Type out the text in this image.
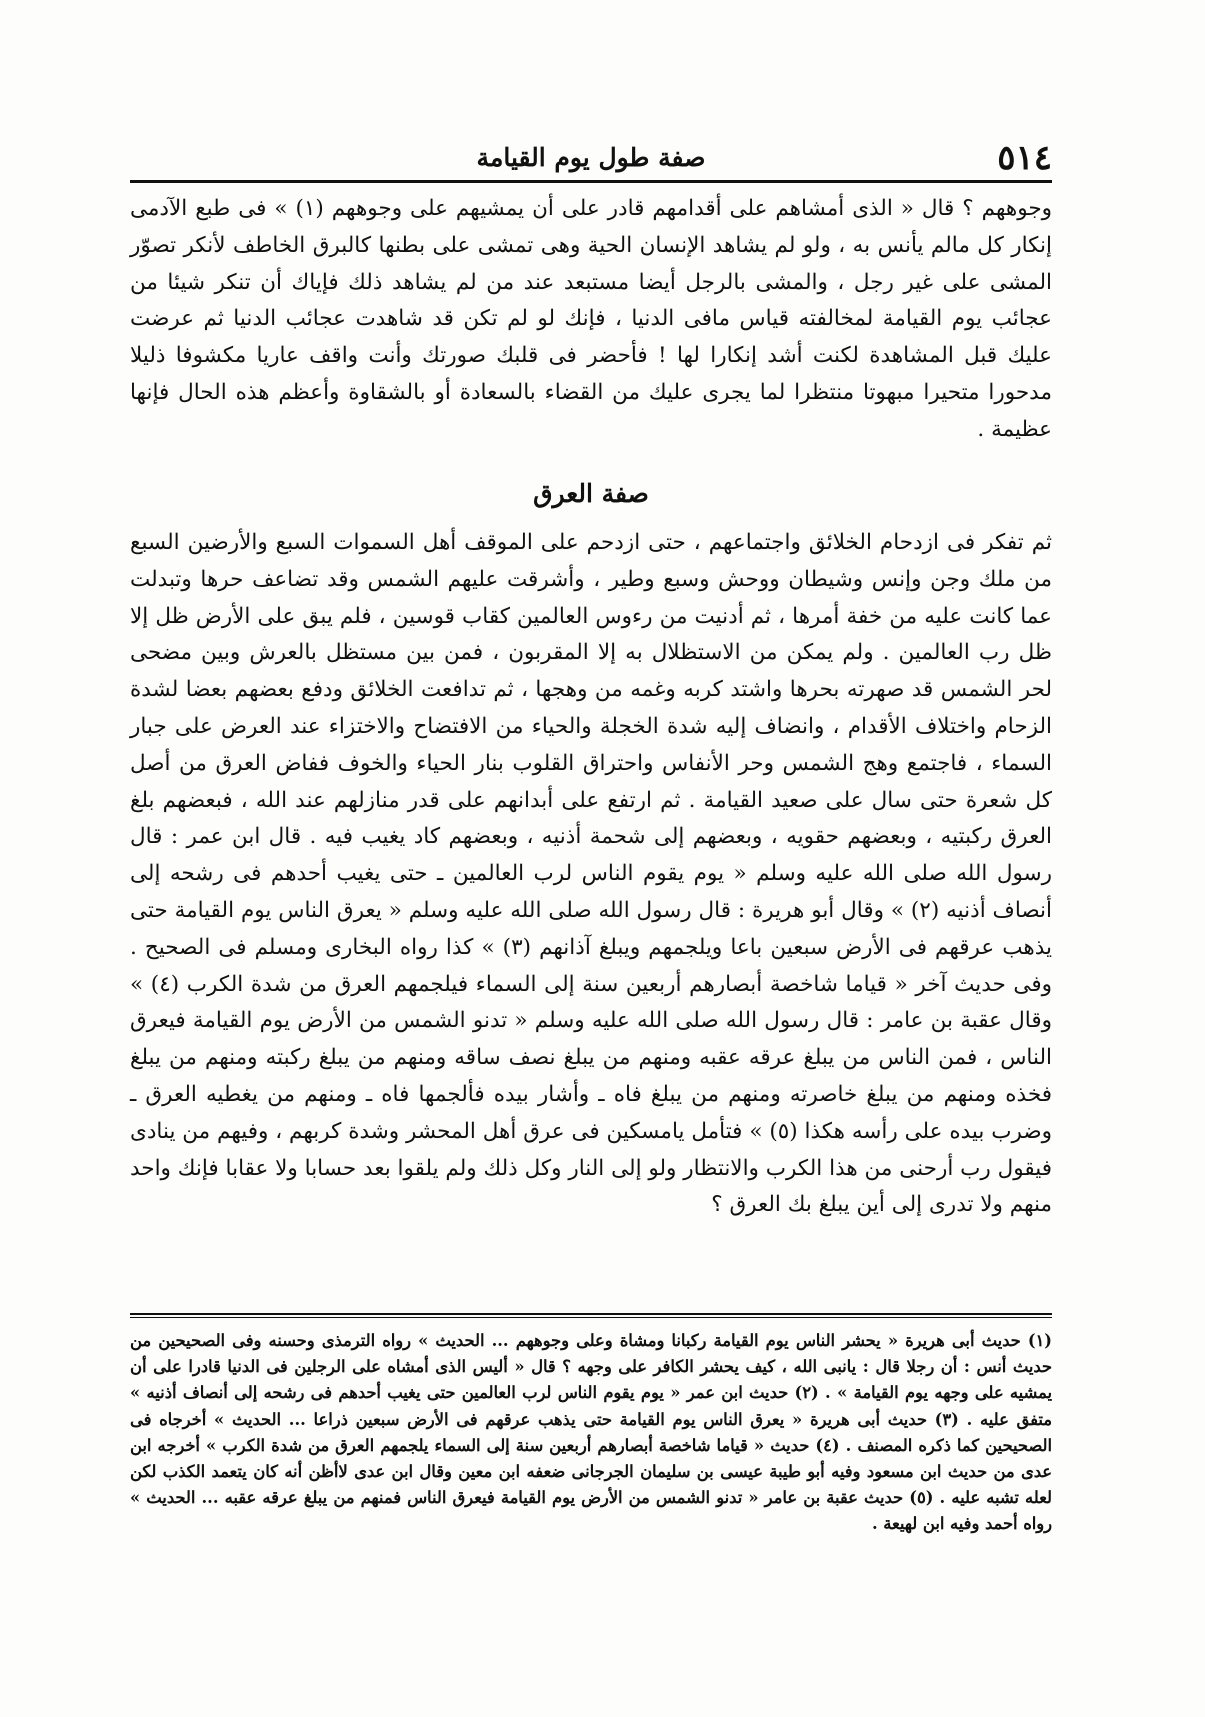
٥١٤
صفة طول يوم القيامة
وجوههم ؟ قال « الذى أمشاهم على أقدامهم قادر على أن يمشيهم على وجوههم (١) » فى طبع الآدمى إنكار كل مالم يأنس به ، ولو لم يشاهد الإنسان الحية وهى تمشى على بطنها كالبرق الخاطف لأنكر تصوّر المشى على غير رجل ، والمشى بالرجل أيضا مستبعد عند من لم يشاهد ذلك فإياك أن تنكر شيئا من عجائب يوم القيامة لمخالفته قياس مافى الدنيا ، فإنك لو لم تكن قد شاهدت عجائب الدنيا ثم عرضت عليك قبل المشاهدة لكنت أشد إنكارا لها ! فأحضر فى قلبك صورتك وأنت واقف عاريا مكشوفا ذليلا مدحورا متحيرا مبهوتا منتظرا لما يجرى عليك من القضاء بالسعادة أو بالشقاوة وأعظم هذه الحال فإنها عظيمة .
صفة العرق
ثم تفكر فى ازدحام الخلائق واجتماعهم ، حتى ازدحم على الموقف أهل السموات السبع والأرضين السبع من ملك وجن وإنس وشيطان ووحش وسبع وطير ، وأشرقت عليهم الشمس وقد تضاعف حرها وتبدلت عما كانت عليه من خفة أمرها ، ثم أدنيت من رءوس العالمين كقاب قوسين ، فلم يبق على الأرض ظل إلا ظل رب العالمين . ولم يمكن من الاستظلال به إلا المقربون ، فمن بين مستظل بالعرش وبين مضحى لحر الشمس قد صهرته بحرها واشتد كربه وغمه من وهجها ، ثم تدافعت الخلائق ودفع بعضهم بعضا لشدة الزحام واختلاف الأقدام ، وانضاف إليه شدة الخجلة والحياء من الافتضاح والاختزاء عند العرض على جبار السماء ، فاجتمع وهج الشمس وحر الأنفاس واحتراق القلوب بنار الحياء والخوف ففاض العرق من أصل كل شعرة حتى سال على صعيد القيامة . ثم ارتفع على أبدانهم على قدر منازلهم عند الله ، فبعضهم بلغ العرق ركبتيه ، وبعضهم حقويه ، وبعضهم إلى شحمة أذنيه ، وبعضهم كاد يغيب فيه . قال ابن عمر : قال رسول الله صلى الله عليه وسلم « يوم يقوم الناس لرب العالمين ـ حتى يغيب أحدهم فى رشحه إلى أنصاف أذنيه (٢) » وقال أبو هريرة : قال رسول الله صلى الله عليه وسلم « يعرق الناس يوم القيامة حتى يذهب عرقهم فى الأرض سبعين باعا ويلجمهم ويبلغ آذانهم (٣) » كذا رواه البخارى ومسلم فى الصحيح . وفى حديث آخر « قياما شاخصة أبصارهم أربعين سنة إلى السماء فيلجمهم العرق من شدة الكرب (٤) » وقال عقبة بن عامر : قال رسول الله صلى الله عليه وسلم « تدنو الشمس من الأرض يوم القيامة فيعرق الناس ، فمن الناس من يبلغ عرقه عقبه ومنهم من يبلغ نصف ساقه ومنهم من يبلغ ركبته ومنهم من يبلغ فخذه ومنهم من يبلغ خاصرته ومنهم من يبلغ فاه ـ وأشار بيده فألجمها فاه ـ ومنهم من يغطيه العرق ـ وضرب بيده على رأسه هكذا (٥) » فتأمل يامسكين فى عرق أهل المحشر وشدة كربهم ، وفيهم من ينادى فيقول رب أرحنى من هذا الكرب والانتظار ولو إلى النار وكل ذلك ولم يلقوا بعد حسابا ولا عقابا فإنك واحد منهم ولا تدرى إلى أين يبلغ بك العرق ؟
(١) حديث أبى هريرة « يحشر الناس يوم القيامة ركبانا ومشاة وعلى وجوههم ... الحديث » رواه الترمذى وحسنه وفى الصحيحين من حديث أنس : أن رجلا قال : يانبى الله ، كيف يحشر الكافر على وجهه ؟ قال « أليس الذى أمشاه على الرجلين فى الدنيا قادرا على أن يمشيه على وجهه يوم القيامة » . (٢) حديث ابن عمر « يوم يقوم الناس لرب العالمين حتى يغيب أحدهم فى رشحه إلى أنصاف أذنيه » متفق عليه . (٣) حديث أبى هريرة « يعرق الناس يوم القيامة حتى يذهب عرقهم فى الأرض سبعين ذراعا ... الحديث » أخرجاه فى الصحيحين كما ذكره المصنف . (٤) حديث « قياما شاخصة أبصارهم أربعين سنة إلى السماء يلجمهم العرق من شدة الكرب » أخرجه ابن عدى من حديث ابن مسعود وفيه أبو طيبة عيسى بن سليمان الجرجانى ضعفه ابن معين وقال ابن عدى لاأظن أنه كان يتعمد الكذب لكن لعله تشبه عليه . (٥) حديث عقبة بن عامر « تدنو الشمس من الأرض يوم القيامة فيعرق الناس فمنهم من يبلغ عرقه عقبه ... الحديث » رواه أحمد وفيه ابن لهيعة .
